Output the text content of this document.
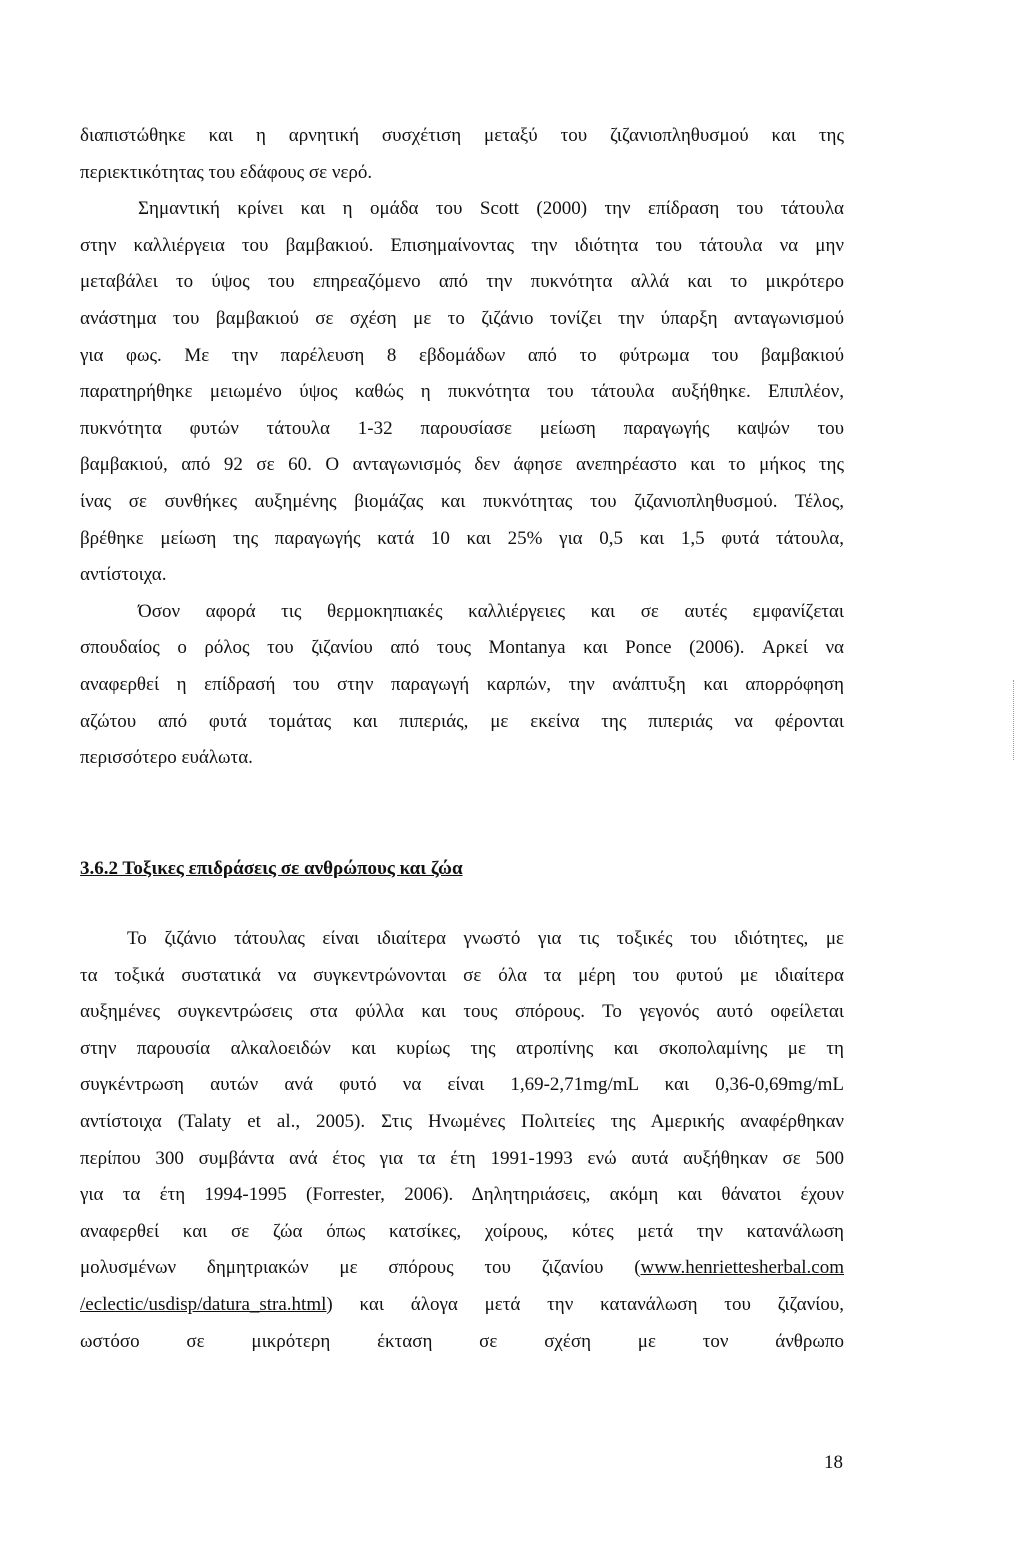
διαπιστώθηκε και η αρνητική συσχέτιση μεταξύ του ζιζανιοπληθυσμού και της
περιεκτικότητας του εδάφους σε νερό.
Σημαντική κρίνει και η ομάδα του Scott (2000) την επίδραση του τάτουλα
στην καλλιέργεια του βαμβακιού. Επισημαίνοντας την ιδιότητα του τάτουλα να μην
μεταβάλει το ύψος του επηρεαζόμενο από την πυκνότητα αλλά και το μικρότερο
ανάστημα του βαμβακιού σε σχέση με το ζιζάνιο τονίζει την ύπαρξη ανταγωνισμού
για φως. Με την παρέλευση 8 εβδομάδων από το φύτρωμα του βαμβακιού
παρατηρήθηκε μειωμένο ύψος καθώς η πυκνότητα του τάτουλα αυξήθηκε. Επιπλέον,
πυκνότητα φυτών τάτουλα 1-32 παρουσίασε μείωση παραγωγής καψών του
βαμβακιού, από 92 σε 60. Ο ανταγωνισμός δεν άφησε ανεπηρέαστο και το μήκος της
ίνας σε συνθήκες αυξημένης βιομάζας και πυκνότητας του ζιζανιοπληθυσμού. Τέλος,
βρέθηκε μείωση της παραγωγής κατά 10 και 25% για 0,5 και 1,5 φυτά τάτουλα,
αντίστοιχα.
Όσον αφορά τις θερμοκηπιακές καλλιέργειες και σε αυτές εμφανίζεται
σπουδαίος ο ρόλος του ζιζανίου από τους Montanya και Ponce (2006). Αρκεί να
αναφερθεί η επίδρασή του στην παραγωγή καρπών, την ανάπτυξη και απορρόφηση
αζώτου από φυτά τομάτας και πιπεριάς, με εκείνα της πιπεριάς να φέρονται
περισσότερο ευάλωτα.
3.6.2 Τοξικες επιδράσεις σε ανθρώπους και ζώα
Το ζιζάνιο τάτουλας είναι ιδιαίτερα γνωστό για τις τοξικές του ιδιότητες, με
τα τοξικά συστατικά να συγκεντρώνονται σε όλα τα μέρη του φυτού με ιδιαίτερα
αυξημένες συγκεντρώσεις στα φύλλα και τους σπόρους. Το γεγονός αυτό οφείλεται
στην παρουσία αλκαλοειδών και κυρίως της ατροπίνης και σκοπολαμίνης με τη
συγκέντρωση αυτών ανά φυτό να είναι 1,69-2,71mg/mL και 0,36-0,69mg/mL
αντίστοιχα (Talaty et al., 2005). Στις Ηνωμένες Πολιτείες της Αμερικής αναφέρθηκαν
περίπου 300 συμβάντα ανά έτος για τα έτη 1991-1993 ενώ αυτά αυξήθηκαν σε 500
για τα έτη 1994-1995 (Forrester, 2006). Δηλητηριάσεις, ακόμη και θάνατοι έχουν
αναφερθεί και σε ζώα όπως κατσίκες, χοίρους, κότες μετά την κατανάλωση
μολυσμένων δημητριακών με σπόρους του ζιζανίου (www.henriettesherbal.com
/eclectic/usdisp/datura_stra.html) και άλογα μετά την κατανάλωση του ζιζανίου,
ωστόσο σε μικρότερη έκταση σε σχέση με τον άνθρωπο
18
